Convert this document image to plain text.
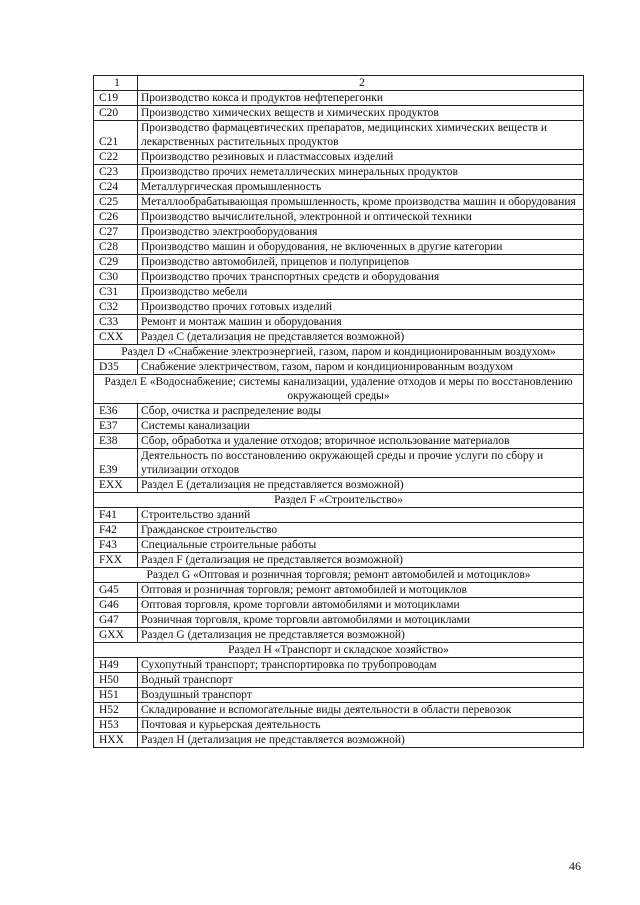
1	2
C19	Производство кокса и продуктов нефтеперегонки
C20	Производство химических веществ и химических продуктов
C21	Производство фармацевтических препаратов, медицинских химических веществ и лекарственных растительных продуктов
C22	Производство резиновых и пластмассовых изделий
C23	Производство прочих неметаллических минеральных продуктов
C24	Металлургическая промышленность
C25	Металлообрабатывающая промышленность, кроме производства машин и оборудования
C26	Производство вычислительной, электронной и оптической техники
C27	Производство электрооборудования
C28	Производство машин и оборудования, не включенных в другие категории
C29	Производство автомобилей, прицепов и полуприцепов
C30	Производство прочих транспортных средств и оборудования
C31	Производство мебели
C32	Производство прочих готовых изделий
C33	Ремонт и монтаж машин и оборудования
CXX	Раздел С (детализация не представляется возможной)
Раздел D «Снабжение электроэнергией, газом, паром и кондиционированным воздухом»	
D35	Снабжение электричеством, газом, паром и кондиционированным воздухом
Раздел E «Водоснабжение; системы канализации, удаление отходов и меры по восстановлению окружающей среды»	
E36	Сбор, очистка и распределение воды
E37	Системы канализации
E38	Сбор, обработка и удаление отходов; вторичное использование материалов
E39	Деятельность по восстановлению окружающей среды и прочие услуги по сбору и утилизации отходов
EXX	Раздел Е (детализация не представляется возможной)
Раздел F «Строительство»	
F41	Строительство зданий
F42	Гражданское строительство
F43	Специальные строительные работы
FXX	Раздел F (детализация не представляется возможной)
Раздел G «Оптовая и розничная торговля; ремонт автомобилей и мотоциклов»	
G45	Оптовая и розничная торговля; ремонт автомобилей и мотоциклов
G46	Оптовая торговля, кроме торговли автомобилями и мотоциклами
G47	Розничная торговля, кроме торговли автомобилями и мотоциклами
GXX	Раздел G (детализация не представляется возможной)
Раздел H «Транспорт и складское хозяйство»	
H49	Сухопутный транспорт; транспортировка по трубопроводам
H50	Водный транспорт
H51	Воздушный транспорт
H52	Складирование и вспомогательные виды деятельности в области перевозок
H53	Почтовая и курьерская деятельность
HXX	Раздел Н (детализация не представляется возможной)
46
